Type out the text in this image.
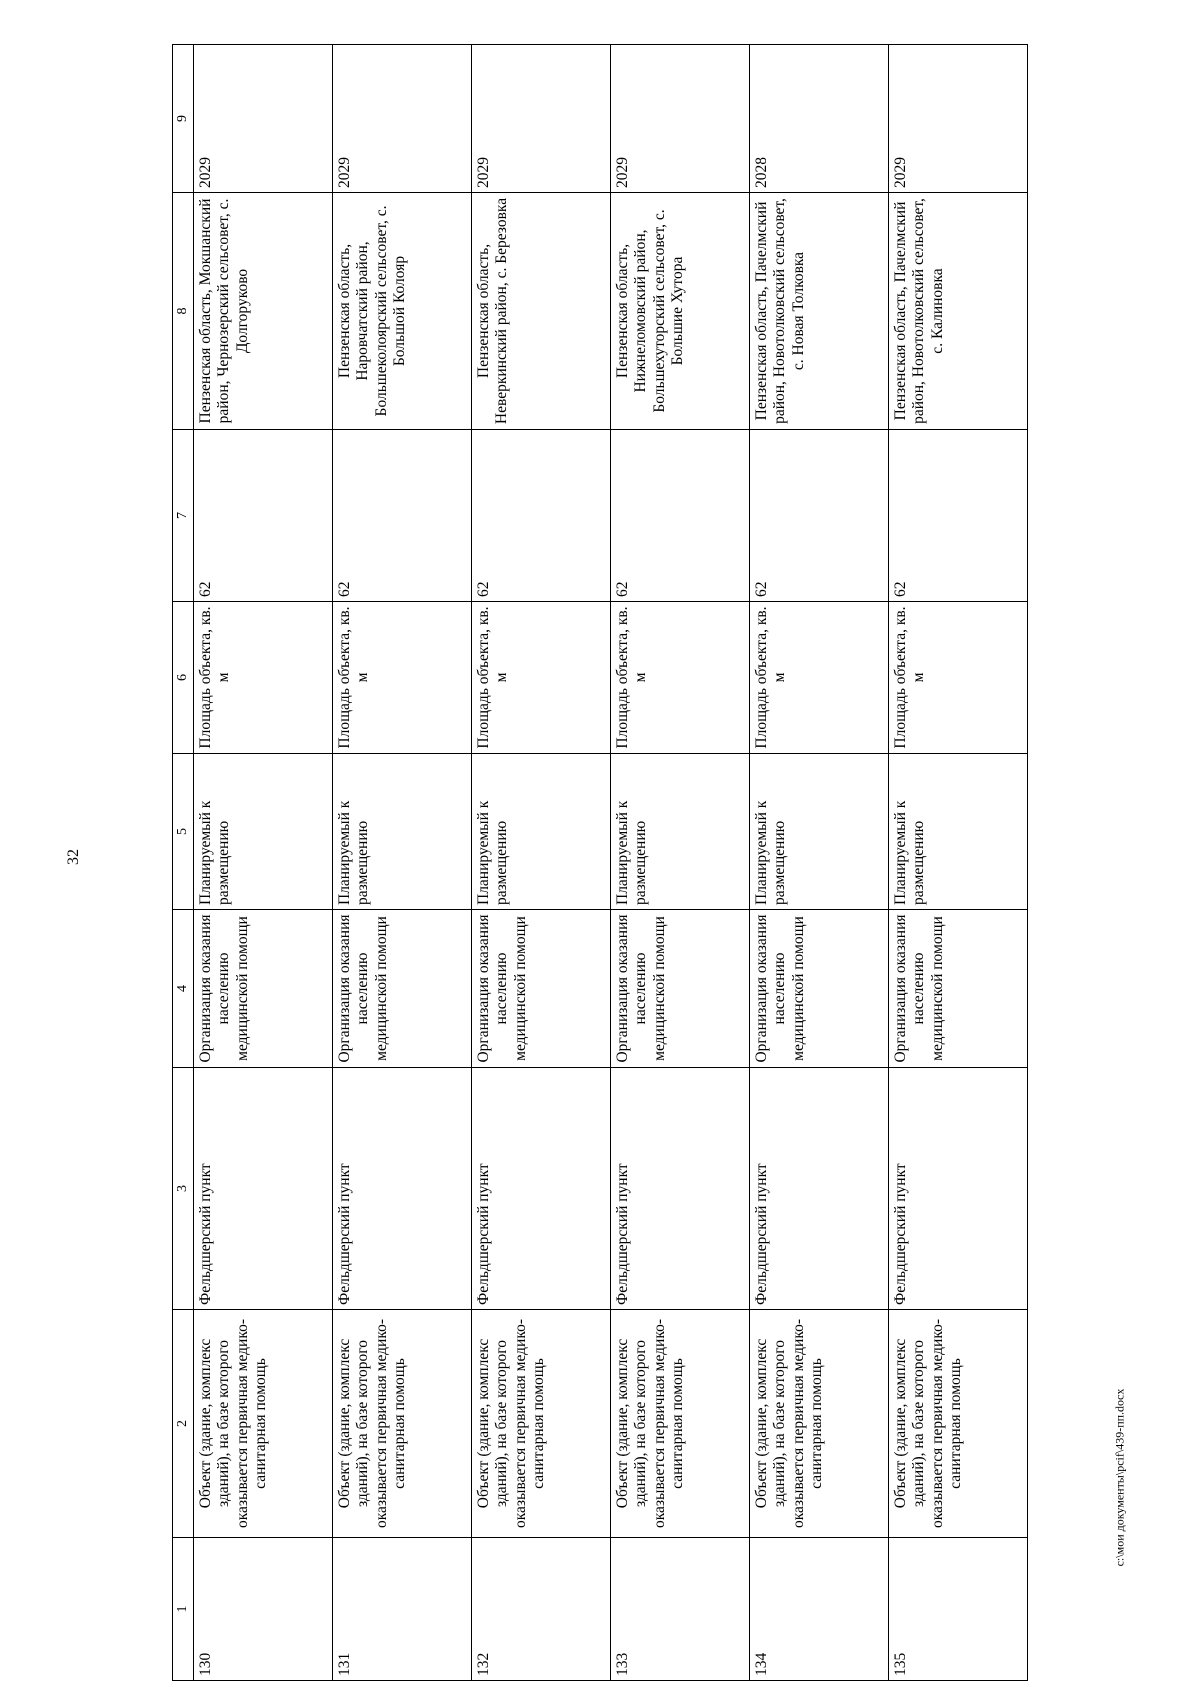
32
1	2	3	4	5	6	7	8	9
130	Объект (здание, комплекс зданий), на базе которого оказывается первичная медико-санитарная помощь	Фельдшерский пункт	Организация оказания населению медицинской помощи	Планируемый к размещению	Площадь объекта, кв. м	62	Пензенская область, Мокшанский район, Чернозерский сельсовет, с. Долгоруково	2029
131	Объект (здание, комплекс зданий), на базе которого оказывается первичная медико-санитарная помощь	Фельдшерский пункт	Организация оказания населению медицинской помощи	Планируемый к размещению	Площадь объекта, кв. м	62	Пензенская область, Наровчатский район, Большеколоярский сельсовет, с. Большой Колояр	2029
132	Объект (здание, комплекс зданий), на базе которого оказывается первичная медико-санитарная помощь	Фельдшерский пункт	Организация оказания населению медицинской помощи	Планируемый к размещению	Площадь объекта, кв. м	62	Пензенская область, Неверкинский район, с. Березовка	2029
133	Объект (здание, комплекс зданий), на базе которого оказывается первичная медико-санитарная помощь	Фельдшерский пункт	Организация оказания населению медицинской помощи	Планируемый к размещению	Площадь объекта, кв. м	62	Пензенская область, Нижнеломовский район, Большехуторский сельсовет, с. Большие Хутора	2029
134	Объект (здание, комплекс зданий), на базе которого оказывается первичная медико-санитарная помощь	Фельдшерский пункт	Организация оказания населению медицинской помощи	Планируемый к размещению	Площадь объекта, кв. м	62	Пензенская область, Пачелмский район, Новотолковский сельсовет, с. Новая Толковка	2028
135	Объект (здание, комплекс зданий), на базе которого оказывается первичная медико-санитарная помощь	Фельдшерский пункт	Организация оказания населению медицинской помощи	Планируемый к размещению	Площадь объекта, кв. м	62	Пензенская область, Пачелмский район, Новотолковский сельсовет, с. Калиновка	2029
c:\мои документы\pcif\439-пп.docx
